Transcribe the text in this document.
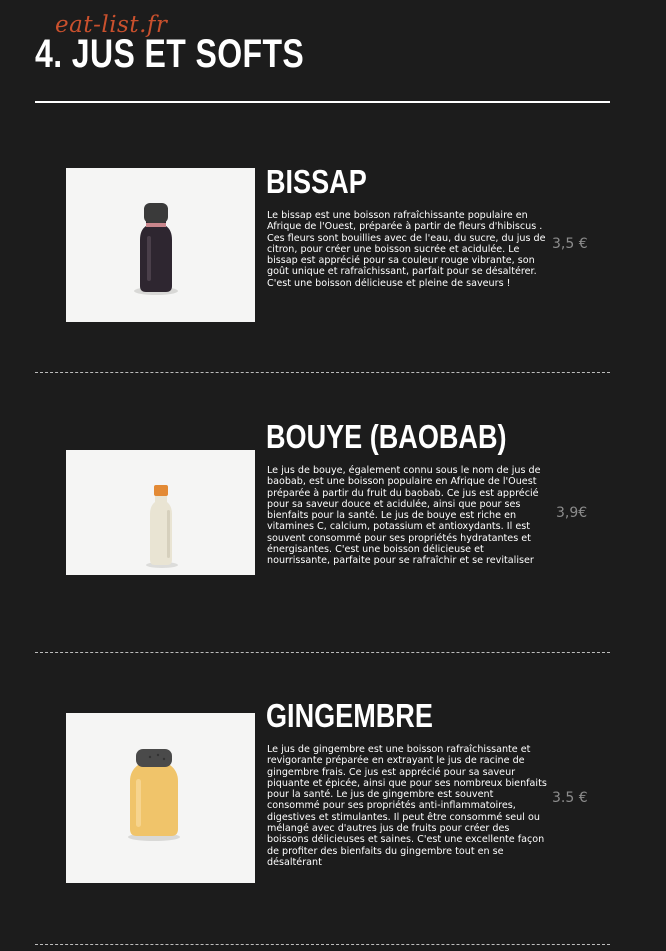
eat-list.fr
4. JUS ET SOFTS
BISSAP

Le bissap est une boisson rafraîchissante populaire en Afrique de l'Ouest, préparée à partir de fleurs d'hibiscus . Ces fleurs sont bouillies avec de l'eau, du sucre, du jus de citron, pour créer une boisson sucrée et acidulée. Le bissap est apprécié pour sa couleur rouge vibrante, son goût unique et rafraîchissant, parfait pour se désaltérer. C'est une boisson délicieuse et pleine de saveurs !

3,5 €
BOUYE (BAOBAB)

Le jus de bouye, également connu sous le nom de jus de baobab, est une boisson populaire en Afrique de l'Ouest préparée à partir du fruit du baobab. Ce jus est apprécié pour sa saveur douce et acidulée, ainsi que pour ses bienfaits pour la santé. Le jus de bouye est riche en vitamines C, calcium, potassium et antioxydants. Il est souvent consommé pour ses propriétés hydratantes et énergisantes. C'est une boisson délicieuse et nourrissante, parfaite pour se rafraîchir et se revitaliser

3,9€
GINGEMBRE

Le jus de gingembre est une boisson rafraîchissante et revigorante préparée en extrayant le jus de racine de gingembre frais. Ce jus est apprécié pour sa saveur piquante et épicée, ainsi que pour ses nombreux bienfaits pour la santé. Le jus de gingembre est souvent consommé pour ses propriétés anti-inflammatoires, digestives et stimulantes. Il peut être consommé seul ou mélangé avec d'autres jus de fruits pour créer des boissons délicieuses et saines. C'est une excellente façon de profiter des bienfaits du gingembre tout en se désaltérant

3.5 €
